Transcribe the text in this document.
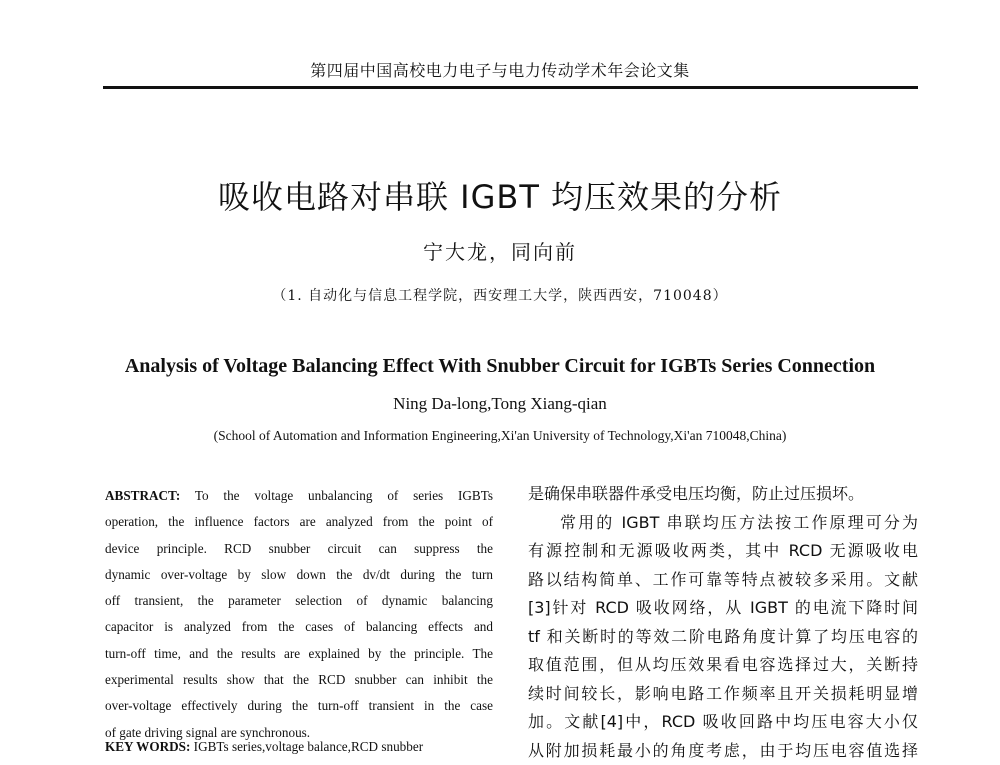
第四届中国高校电力电子与电力传动学术年会论文集
吸收电路对串联 IGBT 均压效果的分析
宁大龙，同向前
（1. 自动化与信息工程学院，西安理工大学，陕西西安，710048）
Analysis of Voltage Balancing Effect With Snubber Circuit for IGBTs Series Connection
Ning Da-long,Tong Xiang-qian
(School of Automation and Information Engineering,Xi'an University of Technology,Xi'an 710048,China)
ABSTRACT: To the voltage unbalancing of series IGBTs
operation, the influence factors are analyzed from the point of
device principle. RCD snubber circuit can suppress the
dynamic over-voltage by slow down the dv/dt during the turn
off transient, the parameter selection of dynamic balancing
capacitor is analyzed from the cases of balancing effects and
turn-off time, and the results are explained by the principle. The
experimental results show that the RCD snubber can inhibit the
over-voltage effectively during the turn-off transient in the case
of gate driving signal are synchronous.
KEY WORDS: IGBTs series,voltage balance,RCD snubber
是确保串联器件承受电压均衡，防止过压损坏。
常用的 IGBT 串联均压方法按工作原理可分为
有源控制和无源吸收两类，其中 RCD 无源吸收电
路以结构简单、工作可靠等特点被较多采用。文献
[3]针对 RCD 吸收网络，从 IGBT 的电流下降时间
tf 和关断时的等效二阶电路角度计算了均压电容的
取值范围，但从均压效果看电容选择过大，关断持
续时间较长，影响电路工作频率且开关损耗明显增
加。文献[4]中，RCD 吸收回路中均压电容大小仅
从附加损耗最小的角度考虑，由于均压电容值选择
